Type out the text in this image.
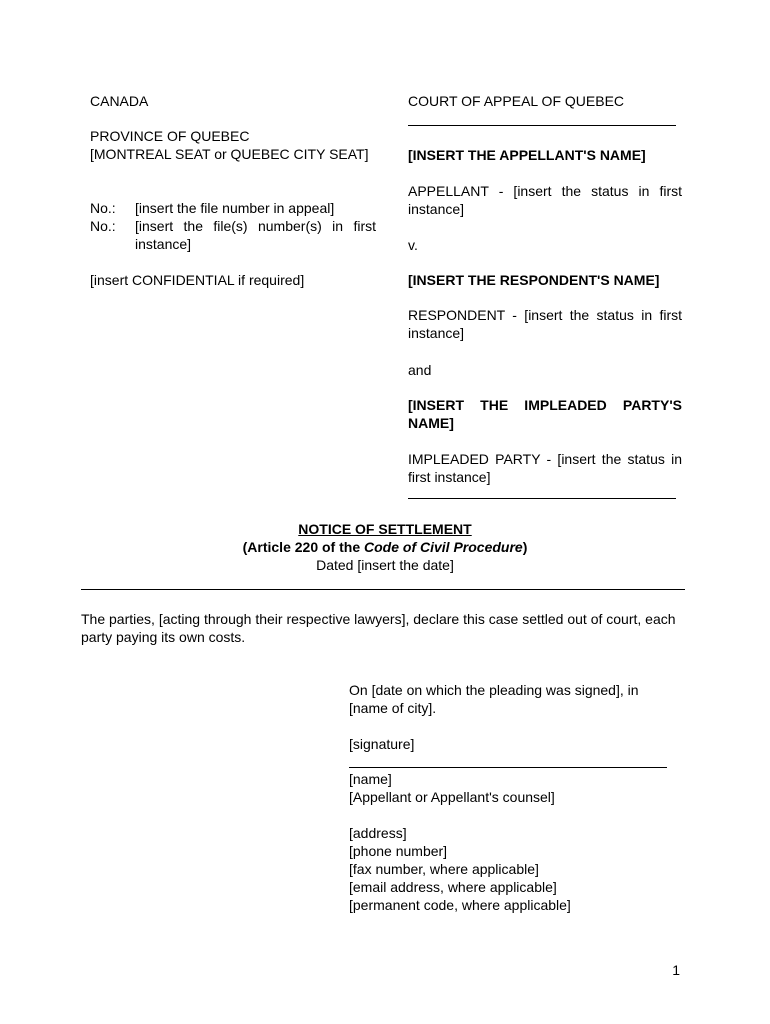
CANADA
PROVINCE OF QUEBEC
[MONTREAL SEAT or QUEBEC CITY SEAT]
No.:	[insert the file number in appeal]
No.:	[insert the file(s) number(s) in first instance]
[insert CONFIDENTIAL if required]
COURT OF APPEAL OF QUEBEC
[INSERT THE APPELLANT'S NAME]
APPELLANT - [insert the status in first instance]
v.
[INSERT THE RESPONDENT'S NAME]
RESPONDENT - [insert the status in first instance]
and
[INSERT THE IMPLEADED PARTY'S NAME]
IMPLEADED PARTY - [insert the status in first instance]
NOTICE OF SETTLEMENT
(Article 220 of the Code of Civil Procedure)
Dated [insert the date]
The parties, [acting through their respective lawyers], declare this case settled out of court, each party paying its own costs.
On [date on which the pleading was signed], in [name of city].
[signature]
[name]
[Appellant or Appellant's counsel]
[address]
[phone number]
[fax number, where applicable]
[email address, where applicable]
[permanent code, where applicable]
1
